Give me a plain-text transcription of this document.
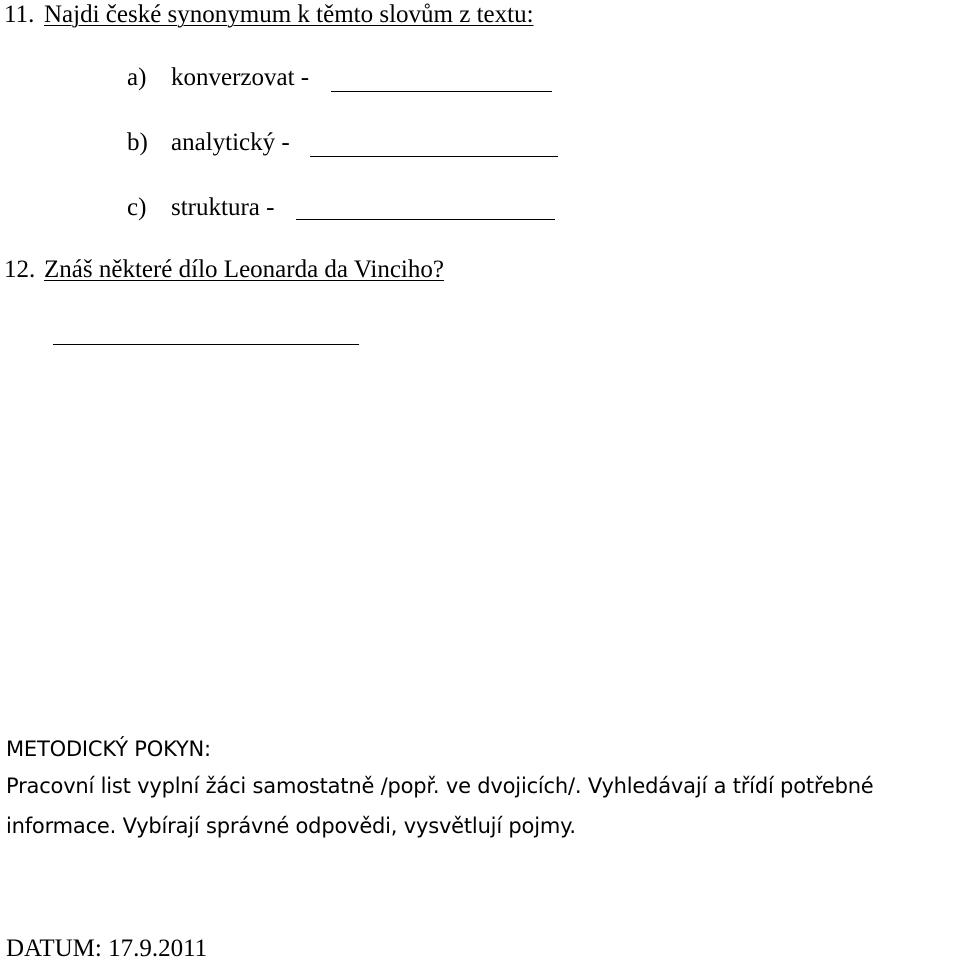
11. Najdi české synonymum k těmto slovům z textu:
a) konverzovat -
b) analytický -
c) struktura -
12. Znáš některé dílo Leonarda da Vinciho?
METODICKÝ POKYN:
Pracovní list vyplní žáci samostatně /popř. ve dvojicích/. Vyhledávají a třídí potřebné
informace. Vybírají správné odpovědi, vysvětlují pojmy.
DATUM: 17.9.2011
